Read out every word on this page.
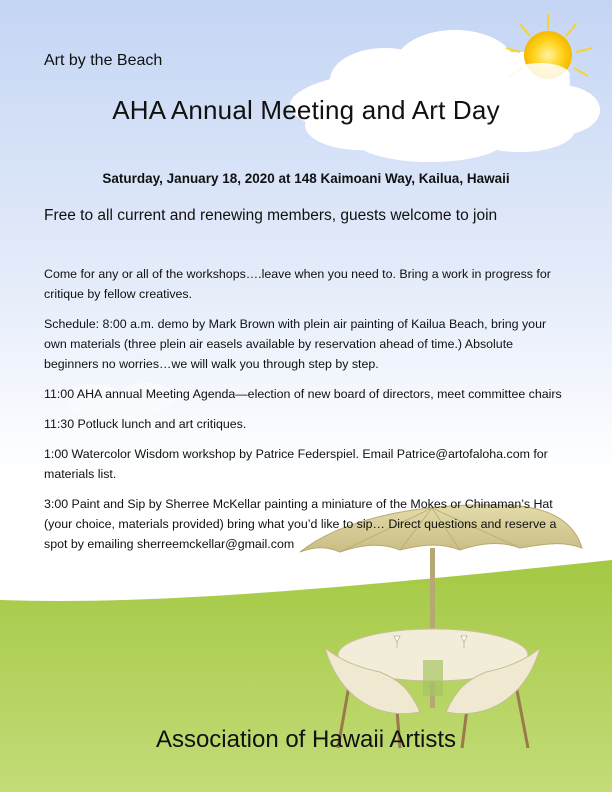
Art by the Beach
AHA Annual Meeting and Art Day
Saturday, January 18, 2020 at 148 Kaimoani Way, Kailua, Hawaii
Free to all current and renewing members, guests welcome to join

Come for any or all of the workshops….leave when you need to. Bring a work in progress for critique by fellow creatives.

Schedule: 8:00 a.m. demo by Mark Brown with plein air painting of Kailua Beach, bring your own materials (three plein air easels available by reservation ahead of time.) Absolute beginners no worries…we will walk you through step by step.

11:00 AHA annual Meeting Agenda—election of new board of directors, meet committee chairs

11:30 Potluck lunch and art critiques.

1:00 Watercolor Wisdom workshop by Patrice Federspiel. Email Patrice@artofaloha.com for materials list.

3:00 Paint and Sip by Sherree McKellar painting a miniature of the Mokes or Chinaman’s Hat (your choice, materials provided) bring what you’d like to sip… Direct questions and reserve a spot by emailing sherreemckellar@gmail.com

Association of Hawaii Artists
